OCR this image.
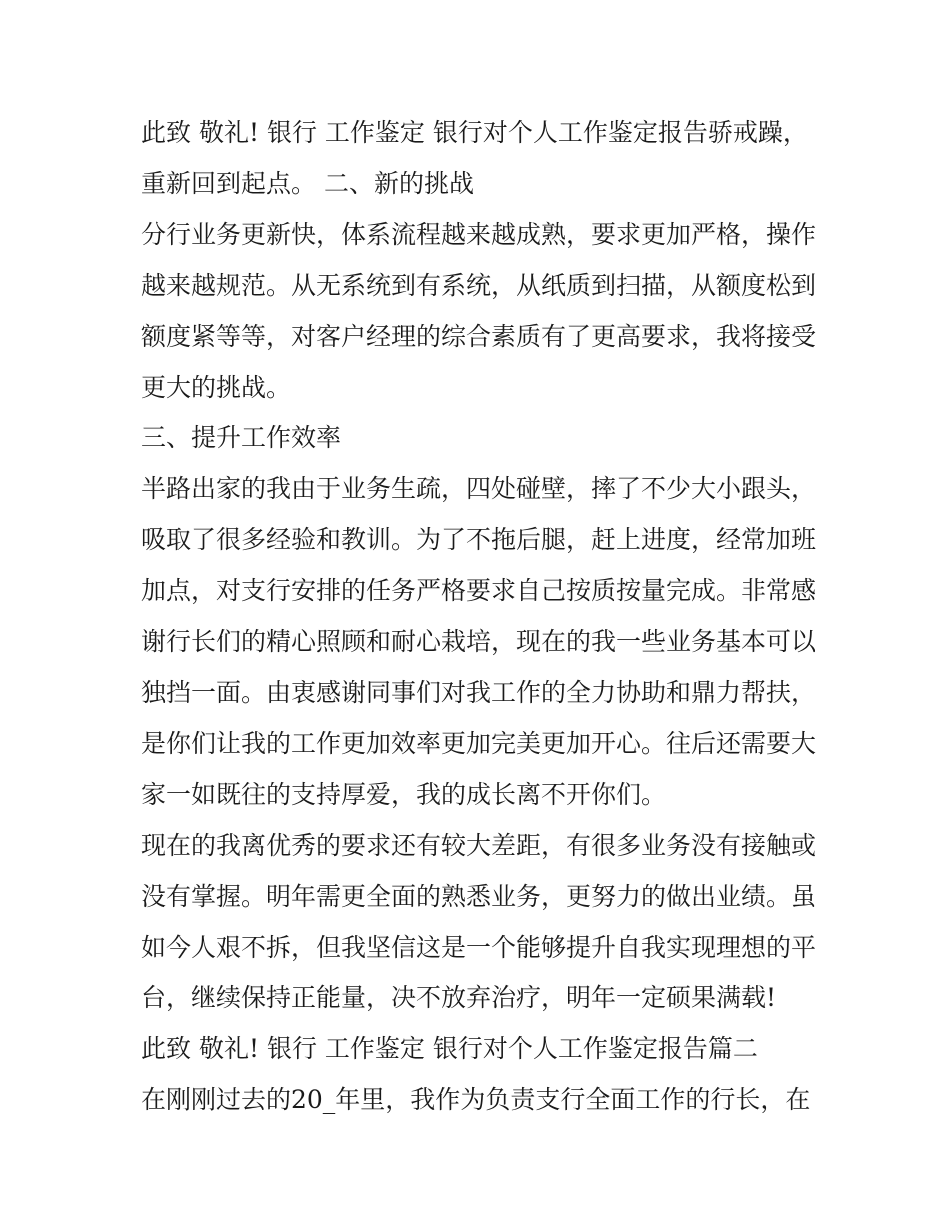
此致 敬礼! 银行 工作鉴定 银行对个人工作鉴定报告骄戒躁，

重新回到起点。 二、新的挑战

分行业务更新快，体系流程越来越成熟，要求更加严格，操作越来越规范。从无系统到有系统，从纸质到扫描，从额度松到额度紧等等，对客户经理的综合素质有了更高要求，我将接受更大的挑战。

三、提升工作效率

半路出家的我由于业务生疏，四处碰壁，摔了不少大小跟头，吸取了很多经验和教训。为了不拖后腿，赶上进度，经常加班加点，对支行安排的任务严格要求自己按质按量完成。非常感谢行长们的精心照顾和耐心栽培，现在的我一些业务基本可以独挡一面。由衷感谢同事们对我工作的全力协助和鼎力帮扶，是你们让我的工作更加效率更加完美更加开心。往后还需要大家一如既往的支持厚爱，我的成长离不开你们。

现在的我离优秀的要求还有较大差距，有很多业务没有接触或没有掌握。明年需更全面的熟悉业务，更努力的做出业绩。虽如今人艰不拆，但我坚信这是一个能够提升自我实现理想的平台，继续保持正能量，决不放弃治疗，明年一定硕果满载!

此致 敬礼! 银行 工作鉴定 银行对个人工作鉴定报告篇二

在刚刚过去的20_年里，我作为负责支行全面工作的行长，在
